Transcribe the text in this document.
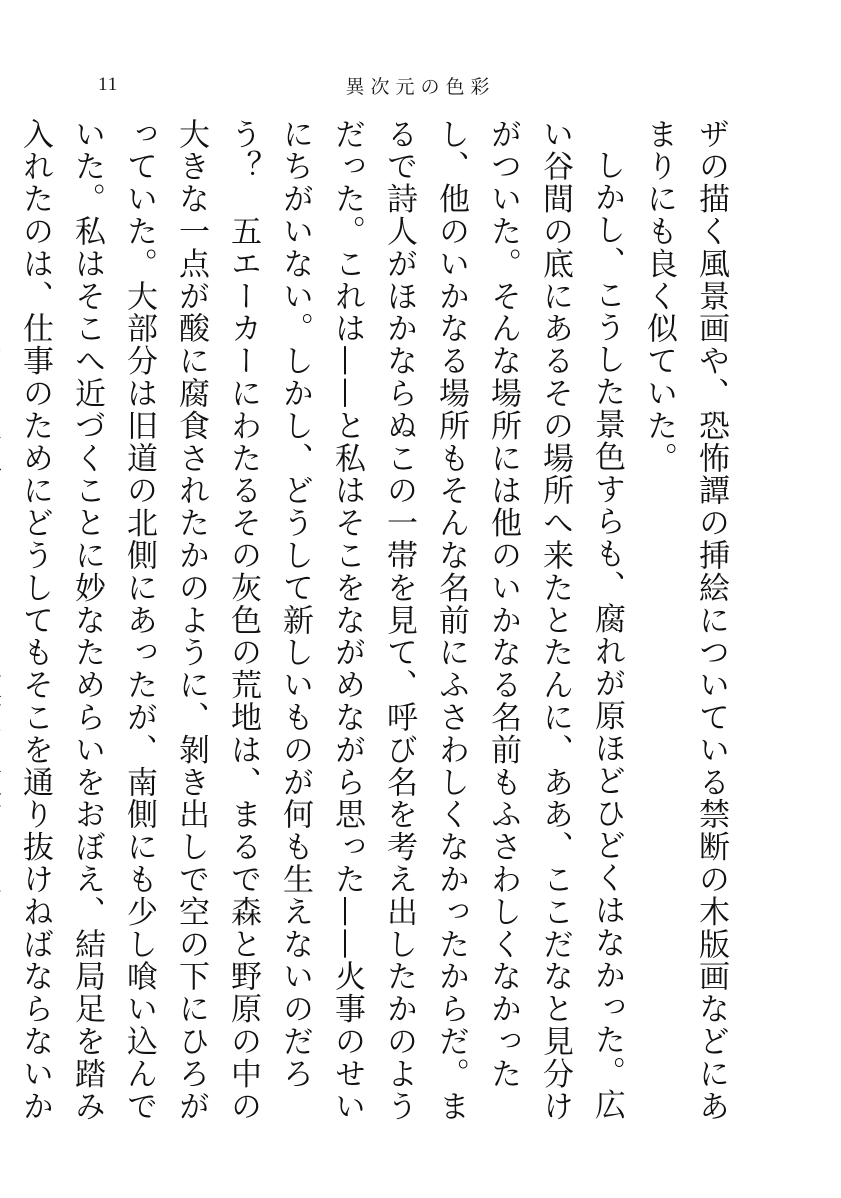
11	異次元の色彩

ザの描く風景画や、恐怖譚の挿絵についている禁断の木版画などにあまりにも良く似ていた。

しかし、こうした景色すらも、腐れが原ほどひどくはなかった。広い谷間の底にあるその場所へ来たとたんに、ああ、ここだなと見分けがついた。そんな場所には他のいかなる名前もふさわしくなかったし、他のいかなる場所もそんな名前にふさわしくなかったからだ。まるで詩人がほかならぬこの一帯を見て、呼び名を考え出したかのようだった。これは——と私はそこをながめながら思った——火事のせいにちがいない。しかし、どうして新しいものが何も生えないのだろう？　五エーカーにわたるその灰色の荒地は、まるで森と野原の中の大きな一点が酸に腐食されたかのように、剝き出しで空の下にひろがっていた。大部分は旧道の北側にあったが、南側にも少し喰い込んでいた。私はそこへ近づくことに妙なためらいをおぼえ、結局足を踏み入れたのは、仕事のためにどうしてもそこを通り抜けねばならないか
